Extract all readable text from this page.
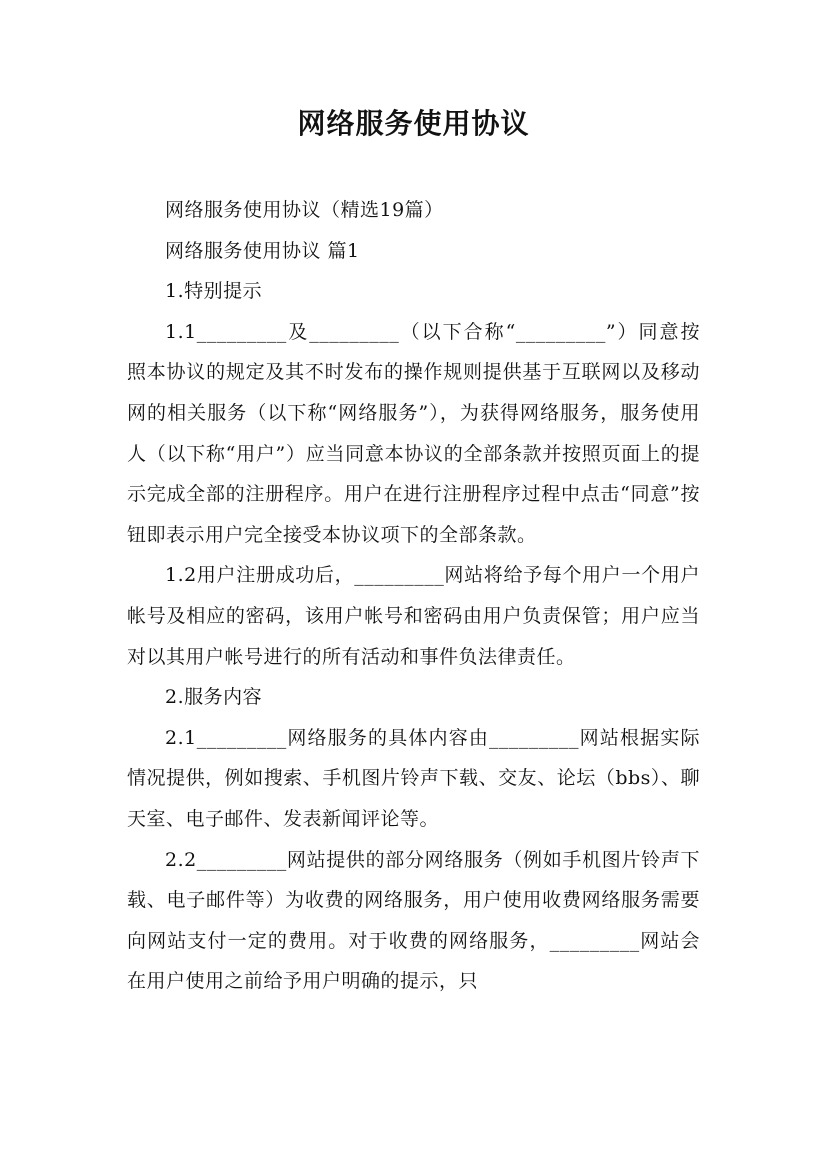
网络服务使用协议

网络服务使用协议（精选19篇）

网络服务使用协议 篇1

1.特别提示

1.1_________及_________（以下合称“_________”）同意按照本协议的规定及其不时发布的操作规则提供基于互联网以及移动网的相关服务（以下称“网络服务”），为获得网络服务，服务使用人（以下称“用户”）应当同意本协议的全部条款并按照页面上的提示完成全部的注册程序。用户在进行注册程序过程中点击“同意”按钮即表示用户完全接受本协议项下的全部条款。

1.2用户注册成功后，_________网站将给予每个用户一个用户帐号及相应的密码，该用户帐号和密码由用户负责保管；用户应当对以其用户帐号进行的所有活动和事件负法律责任。

2.服务内容

2.1_________网络服务的具体内容由_________网站根据实际情况提供，例如搜索、手机图片铃声下载、交友、论坛（bbs）、聊天室、电子邮件、发表新闻评论等。

2.2_________网站提供的部分网络服务（例如手机图片铃声下载、电子邮件等）为收费的网络服务，用户使用收费网络服务需要向网站支付一定的费用。对于收费的网络服务，_________网站会在用户使用之前给予用户明确的提示，只
